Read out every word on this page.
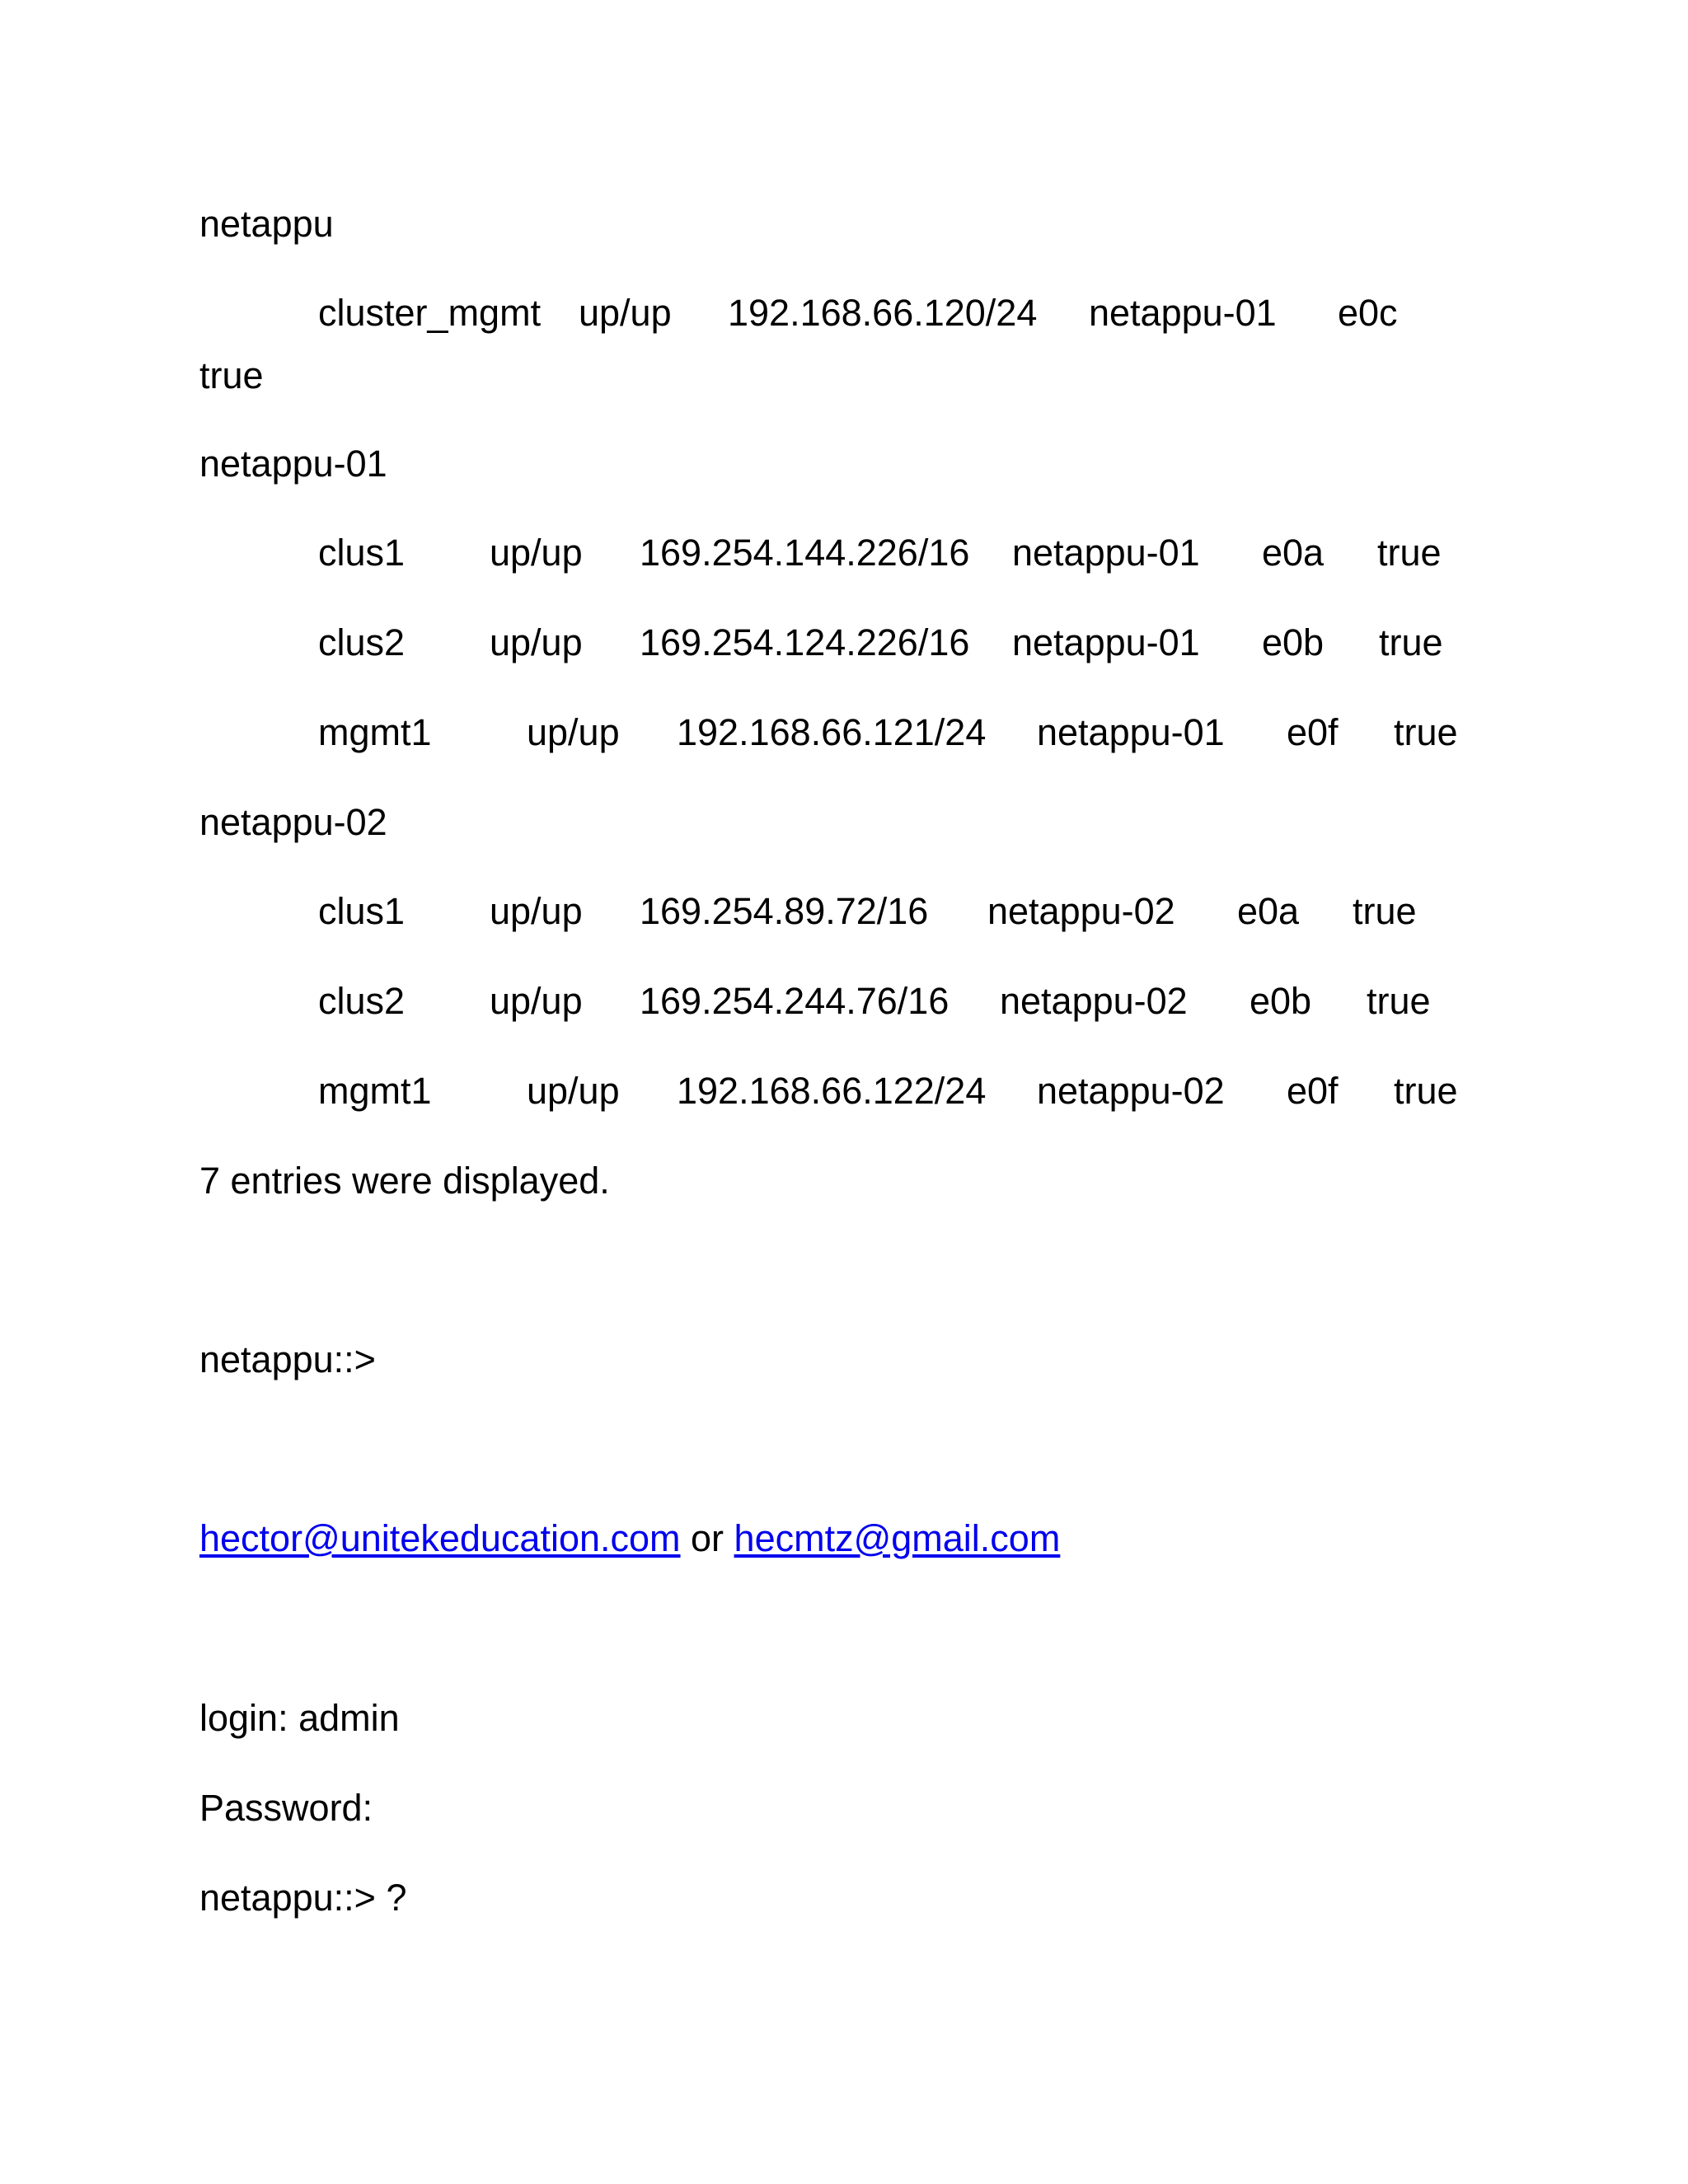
netappu

cluster_mgmt

up/up

192.168.66.120/24

netappu-01

e0c

true

netappu-01

clus1

up/up

169.254.144.226/16

netappu-01

e0a

true

clus2

up/up

169.254.124.226/16

netappu-01

e0b

true

mgmt1

	up/up

192.168.66.121/24

netappu-01

e0f

true

netappu-02

clus1

up/up

169.254.89.72/16

netappu-02

e0a

true

clus2

up/up

169.254.244.76/16

netappu-02

e0b

true

mgmt1

	up/up

192.168.66.122/24

netappu-02

e0f

true

7 entries were displayed.

netappu::>

hector@unitekeducation.com or hecmtz@gmail.com

login: admin

Password:

netappu::> ?
